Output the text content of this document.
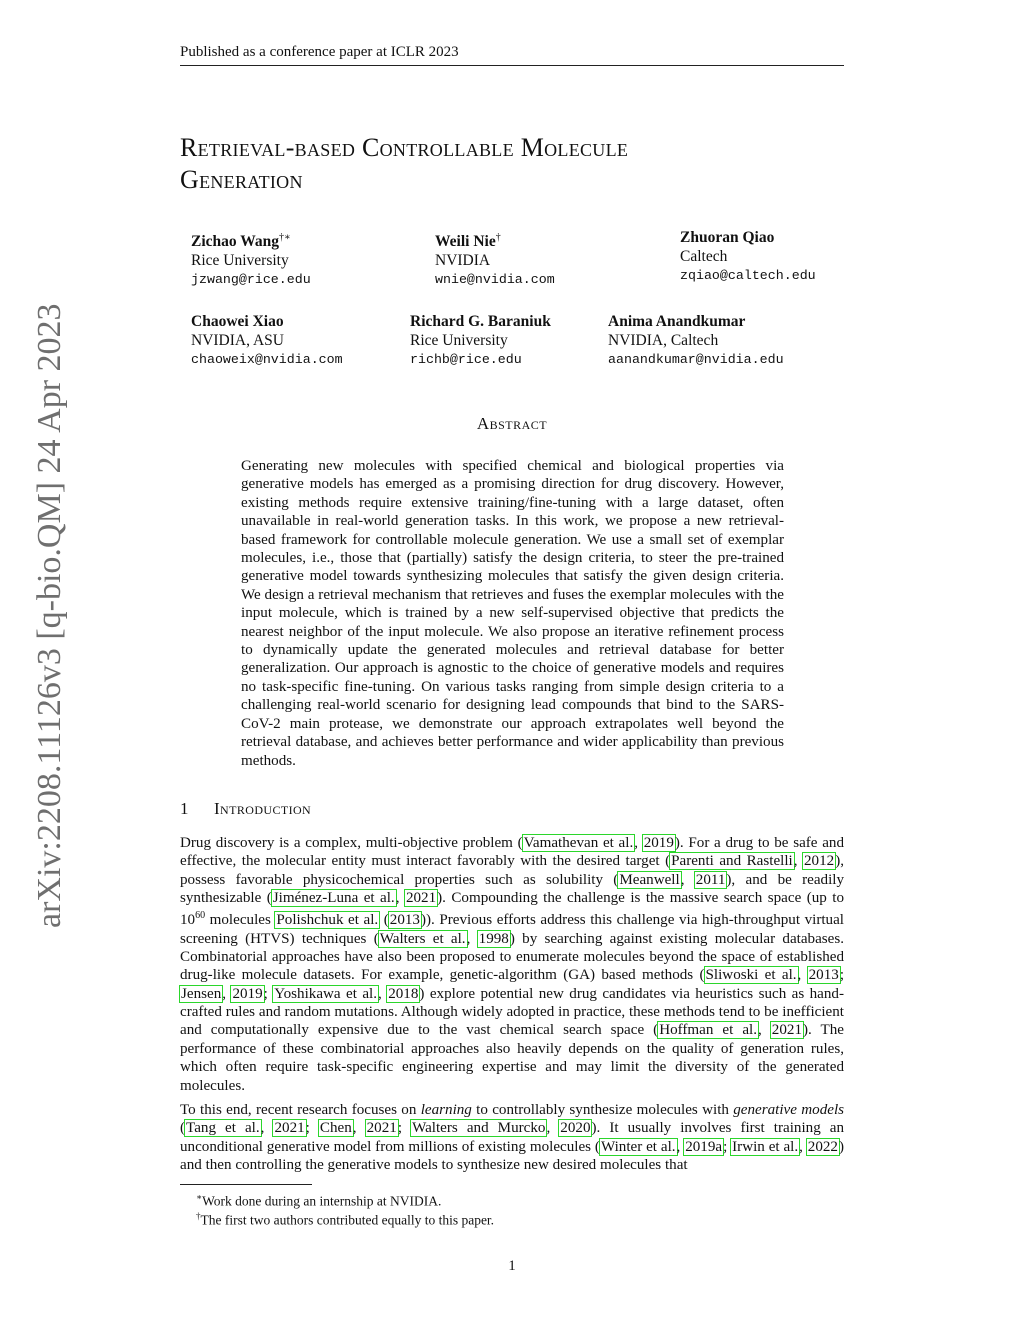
Published as a conference paper at ICLR 2023
arXiv:2208.11126v3 [q-bio.QM] 24 Apr 2023
Retrieval-based Controllable Molecule
Generation
Zichao Wang†∗
Rice University
jzwang@rice.edu
Weili Nie†
NVIDIA
wnie@nvidia.com
Zhuoran Qiao
Caltech
zqiao@caltech.edu
Chaowei Xiao
NVIDIA, ASU
chaoweix@nvidia.com
Richard G. Baraniuk
Rice University
richb@rice.edu
Anima Anandkumar
NVIDIA, Caltech
aanandkumar@nvidia.edu
Abstract
Generating new molecules with specified chemical and biological properties via generative models has emerged as a promising direction for drug discovery. However, existing methods require extensive training/fine-tuning with a large dataset, often unavailable in real-world generation tasks. In this work, we propose a new retrieval-based framework for controllable molecule generation. We use a small set of exemplar molecules, i.e., those that (partially) satisfy the design criteria, to steer the pre-trained generative model towards synthesizing molecules that satisfy the given design criteria. We design a retrieval mechanism that retrieves and fuses the exemplar molecules with the input molecule, which is trained by a new self-supervised objective that predicts the nearest neighbor of the input molecule. We also propose an iterative refinement process to dynamically update the generated molecules and retrieval database for better generalization. Our approach is agnostic to the choice of generative models and requires no task-specific fine-tuning. On various tasks ranging from simple design criteria to a challenging real-world scenario for designing lead compounds that bind to the SARS-CoV-2 main protease, we demonstrate our approach extrapolates well beyond the retrieval database, and achieves better performance and wider applicability than previous methods.
1 Introduction
Drug discovery is a complex, multi-objective problem (Vamathevan et al., 2019). For a drug to be safe and effective, the molecular entity must interact favorably with the desired target (Parenti and Rastelli, 2012), possess favorable physicochemical properties such as solubility (Meanwell, 2011), and be readily synthesizable (Jiménez-Luna et al., 2021). Compounding the challenge is the massive search space (up to $10^{60}$ molecules Polishchuk et al. (2013)). Previous efforts address this challenge via high-throughput virtual screening (HTVS) techniques (Walters et al., 1998) by searching against existing molecular databases. Combinatorial approaches have also been proposed to enumerate molecules beyond the space of established drug-like molecule datasets. For example, genetic-algorithm (GA) based methods (Sliwoski et al., 2013; Jensen, 2019; Yoshikawa et al., 2018) explore potential new drug candidates via heuristics such as hand-crafted rules and random mutations. Although widely adopted in practice, these methods tend to be inefficient and computationally expensive due to the vast chemical search space (Hoffman et al., 2021). The performance of these combinatorial approaches also heavily depends on the quality of generation rules, which often require task-specific engineering expertise and may limit the diversity of the generated molecules.
To this end, recent research focuses on learning to controllably synthesize molecules with generative models (Tang et al., 2021; Chen, 2021; Walters and Murcko, 2020). It usually involves first training an unconditional generative model from millions of existing molecules (Winter et al., 2019a; Irwin et al., 2022) and then controlling the generative models to synthesize new desired molecules that
∗Work done during an internship at NVIDIA.
†The first two authors contributed equally to this paper.
1
